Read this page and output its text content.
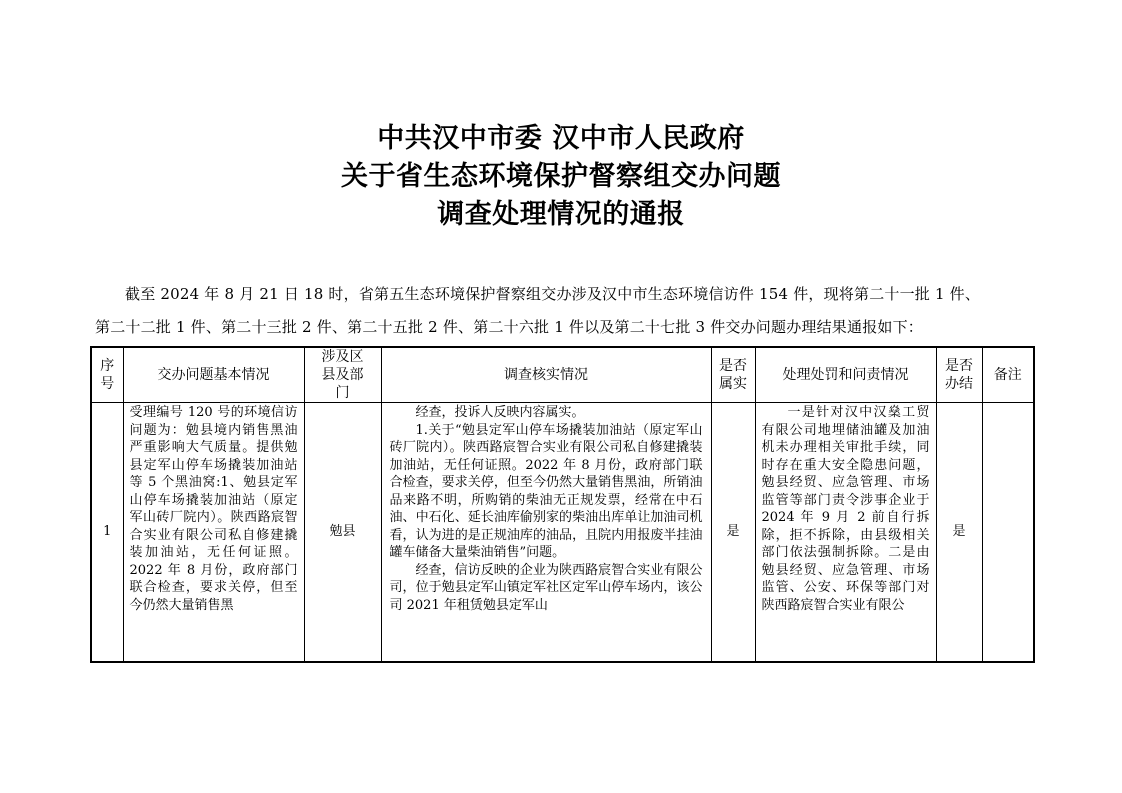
中共汉中市委 汉中市人民政府
关于省生态环境保护督察组交办问题
调查处理情况的通报
截至 2024 年 8 月 21 日 18 时，省第五生态环境保护督察组交办涉及汉中市生态环境信访件 154 件，现将第二十一批 1 件、
第二十二批 1 件、第二十三批 2 件、第二十五批 2 件、第二十六批 1 件以及第二十七批 3 件交办问题办理结果通报如下：
序号	交办问题基本情况	涉及区县及部门	调查核实情况	是否属实	处理处罚和问责情况	是否办结	备注
1	受理编号 120 号的环境信访问题为：勉县境内销售黑油严重影响大气质量。提供勉县定军山停车场撬装加油站等 5 个黑油窝:1、勉县定军山停车场撬装加油站（原定军山砖厂院内）。陕西路宸智合实业有限公司私自修建撬装加油站，无任何证照。2022 年 8 月份，政府部门联合检查，要求关停，但至今仍然大量销售黑	勉县	经查，投诉人反映内容属实。

1.关于“勉县定军山停车场撬装加油站（原定军山砖厂院内）。陕西路宸智合实业有限公司私自修建撬装加油站，无任何证照。2022 年 8 月份，政府部门联合检查，要求关停，但至今仍然大量销售黑油，所销油品来路不明，所购销的柴油无正规发票，经常在中石油、中石化、延长油库偷别家的柴油出库单让加油司机看，认为进的是正规油库的油品，且院内用报废半挂油罐车储备大量柴油销售”问题。

经查，信访反映的企业为陕西路宸智合实业有限公司，位于勉县定军山镇定军社区定军山停车场内，该公司 2021 年租赁勉县定军山	是	一是针对汉中汉燊工贸有限公司地埋储油罐及加油机未办理相关审批手续，同时存在重大安全隐患问题，勉县经贸、应急管理、市场监管等部门责令涉事企业于 2024 年 9 月 2 前自行拆除，拒不拆除，由县级相关部门依法强制拆除。二是由勉县经贸、应急管理、市场监管、公安、环保等部门对陕西路宸智合实业有限公	是	
